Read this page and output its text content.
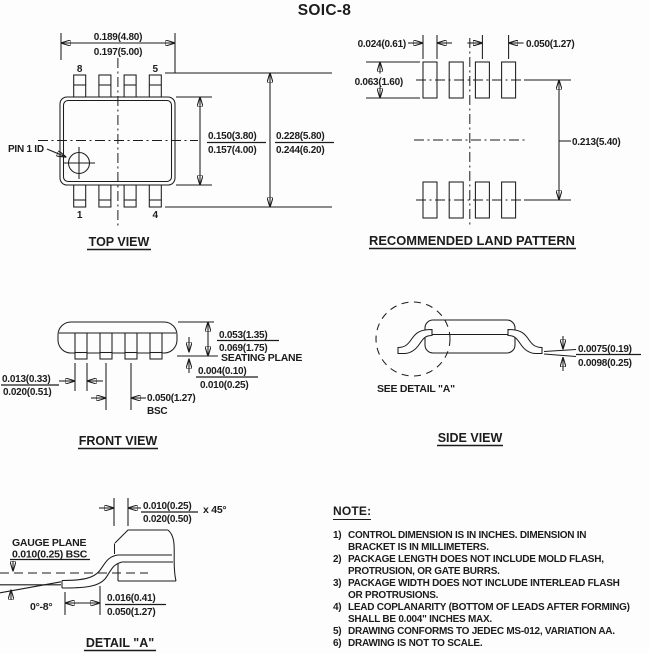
SOIC-8
0.189(4.80)
0.197(5.00)
8	5
1	4
PIN 1 ID
0.150(3.80)
0.157(4.00)
0.228(5.80)
0.244(6.20)
TOP VIEW
0.024(0.61)	0.050(1.27)
0.063(1.60)
0.213(5.40)
RECOMMENDED LAND PATTERN
0.013(0.33)
0.020(0.51)
0.050(1.27)
BSC
0.053(1.35)
0.069(1.75)
SEATING PLANE
0.004(0.10)
0.010(0.25)
FRONT VIEW
SEE DETAIL "A"
0.0075(0.19)
0.0098(0.25)
SIDE VIEW
0.010(0.25)
0.020(0.50)
x 45°
GAUGE PLANE
0.010(0.25) BSC
0°-8°
0.016(0.41)
0.050(1.27)
DETAIL "A"
NOTE:
1) CONTROL DIMENSION IS IN INCHES. DIMENSION IN
BRACKET IS IN MILLIMETERS.
2) PACKAGE LENGTH DOES NOT INCLUDE MOLD FLASH,
PROTRUSION, OR GATE BURRS.
3) PACKAGE WIDTH DOES NOT INCLUDE INTERLEAD FLASH
OR PROTRUSIONS.
4) LEAD COPLANARITY (BOTTOM OF LEADS AFTER FORMING)
SHALL BE 0.004" INCHES MAX.
5) DRAWING CONFORMS TO JEDEC MS-012, VARIATION AA.
6) DRAWING IS NOT TO SCALE.
